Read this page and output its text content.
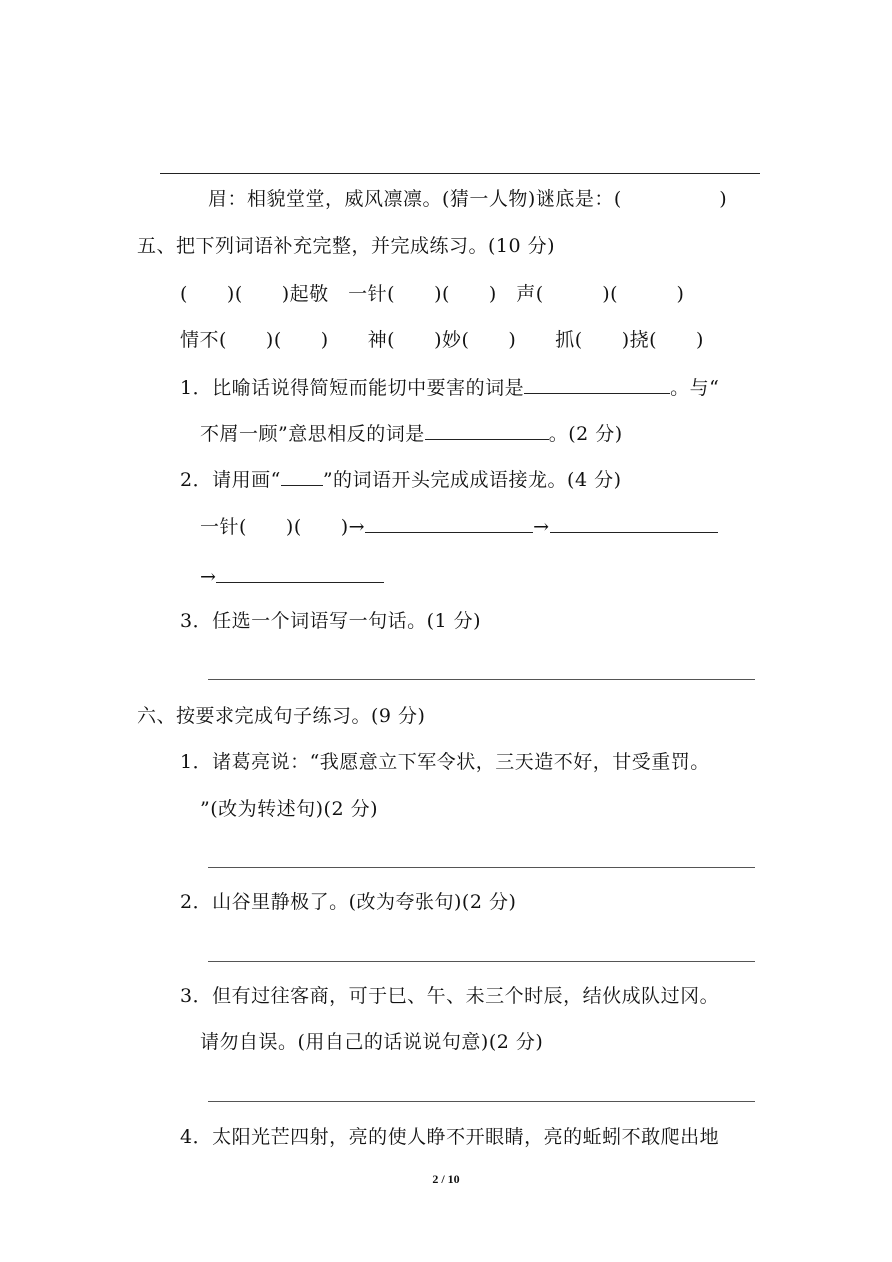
眉：相貌堂堂，威风凛凛。(猜一人物)谜底是：(　　　　　)
五、把下列词语补充完整，并完成练习。(10 分)
(　　)(　　)起敬　一针(　　)(　　)　声(　　　)(　　　)
情不(　　)(　　)　　神(　　)妙(　　)　　抓(　　)挠(　　)
1．比喻话说得简短而能切中要害的词是	。与“
不屑一顾”意思相反的词是	。(2 分)
2．请用画“ ”的词语开头完成成语接龙。(4 分)
一针(　　)(　　)→	→
→
3．任选一个词语写一句话。(1 分)
六、按要求完成句子练习。(9 分)
1．诸葛亮说：“我愿意立下军令状，三天造不好，甘受重罚。
”(改为转述句)(2 分)
2．山谷里静极了。(改为夸张句)(2 分)
3．但有过往客商，可于巳、午、未三个时辰，结伙成队过冈。
请勿自误。(用自己的话说说句意)(2 分)
4．太阳光芒四射，亮的使人睁不开眼睛，亮的蚯蚓不敢爬出地
2 / 10
